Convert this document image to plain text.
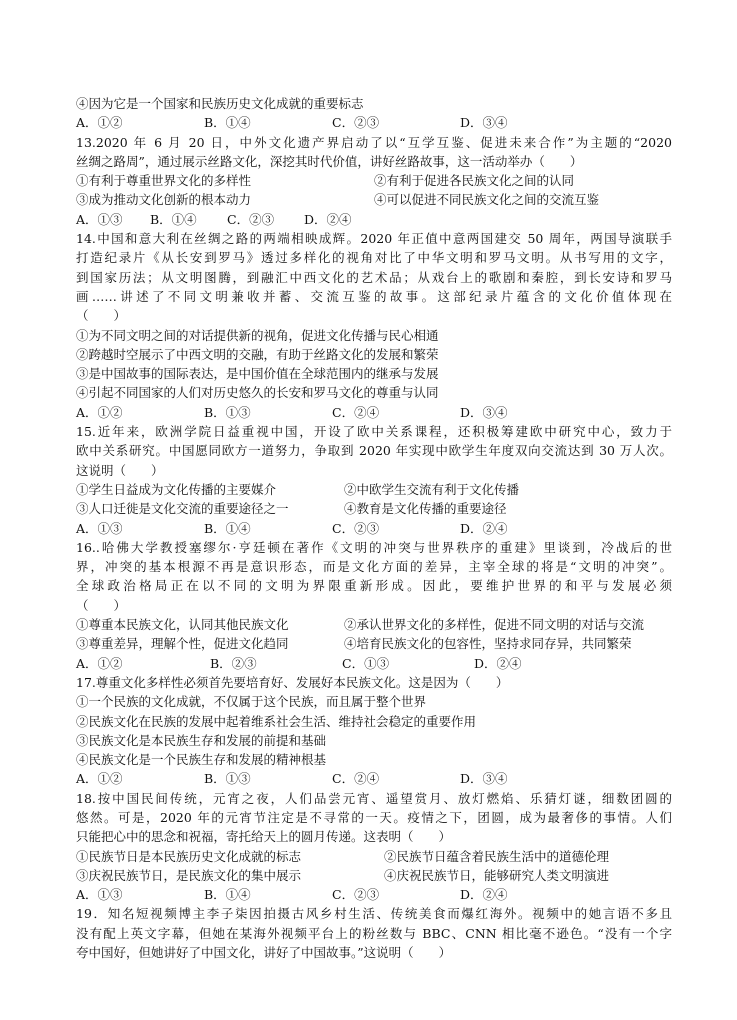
④因为它是一个国家和民族历史文化成就的重要标志
A．①②	B．①④	C．②③	D．③④
13.2020 年 6 月 20 日，中外文化遗产界启动了以“互学互鉴、促进未来合作”为主题的“2020
丝绸之路周”，通过展示丝路文化，深挖其时代价值，讲好丝路故事，这一活动举办（　　）
①有利于尊重世界文化的多样性	②有利于促进各民族文化之间的认同
③成为推动文化创新的根本动力	④可以促进不同民族文化之间的交流互鉴
A．①③	B．①④	C．②③	D．②④
14.中国和意大利在丝绸之路的两端相映成辉。2020 年正值中意两国建交 50 周年，两国导演联手
打造纪录片《从长安到罗马》透过多样化的视角对比了中华文明和罗马文明。从书写用的文字，
到国家历法；从文明图腾，到融汇中西文化的艺术品；从戏台上的歌剧和秦腔，到长安诗和罗马
画……讲述了不同文明兼收并蓄、交流互鉴的故事。这部纪录片蕴含的文化价值体现在
（　　）
①为不同文明之间的对话提供新的视角，促进文化传播与民心相通
②跨越时空展示了中西文明的交融，有助于丝路文化的发展和繁荣
③是中国故事的国际表达，是中国价值在全球范围内的继承与发展
④引起不同国家的人们对历史悠久的长安和罗马文化的尊重与认同
A．①②	B．①③	C．②④	D．③④
15.近年来，欧洲学院日益重视中国，开设了欧中关系课程，还积极筹建欧中研究中心，致力于
欧中关系研究。中国愿同欧方一道努力，争取到 2020 年实现中欧学生年度双向交流达到 30 万人次。
这说明（　　）
①学生日益成为文化传播的主要媒介	②中欧学生交流有利于文化传播
③人口迁徙是文化交流的重要途径之一	④教育是文化传播的重要途径
A．①③	B．①④	C．②③	D．②④
16..哈佛大学教授塞缪尔·亨廷顿在著作《文明的冲突与世界秩序的重建》里谈到，冷战后的世
界，冲突的基本根源不再是意识形态，而是文化方面的差异，主宰全球的将是“文明的冲突”。
全球政治格局正在以不同的文明为界限重新形成。因此，要维护世界的和平与发展必须
（　　）
①尊重本民族文化，认同其他民族文化	②承认世界文化的多样性，促进不同文明的对话与交流
③尊重差异，理解个性，促进文化趋同	④培育民族文化的包容性，坚持求同存异，共同繁荣
A．①②	B．②③	C．①③	D．②④
17.尊重文化多样性必须首先要培育好、发展好本民族文化。这是因为（　　）
①一个民族的文化成就，不仅属于这个民族，而且属于整个世界
②民族文化在民族的发展中起着维系社会生活、维持社会稳定的重要作用
③民族文化是本民族生存和发展的前提和基础
④民族文化是一个民族生存和发展的精神根基
A．①②	B．①③	C．②④	D．③④
18.按中国民间传统，元宵之夜，人们品尝元宵、遥望赏月、放灯燃焰、乐猜灯谜，细数团圆的
悠然。可是，2020 年的元宵节注定是不寻常的一天。疫情之下，团圆，成为最奢侈的事情。人们
只能把心中的思念和祝福，寄托给天上的圆月传递。这表明（　　）
①民族节日是本民族历史文化成就的标志	②民族节日蕴含着民族生活中的道德伦理
③庆祝民族节日，是民族文化的集中展示	④庆祝民族节日，能够研究人类文明演进
A．①③	B．①④	C．②③	D．②④
19．知名短视频博主李子柒因拍摄古风乡村生活、传统美食而爆红海外。视频中的她言语不多且
没有配上英文字幕，但她在某海外视频平台上的粉丝数与 BBC、CNN 相比毫不逊色。“没有一个字
夸中国好，但她讲好了中国文化，讲好了中国故事。”这说明（　　）
